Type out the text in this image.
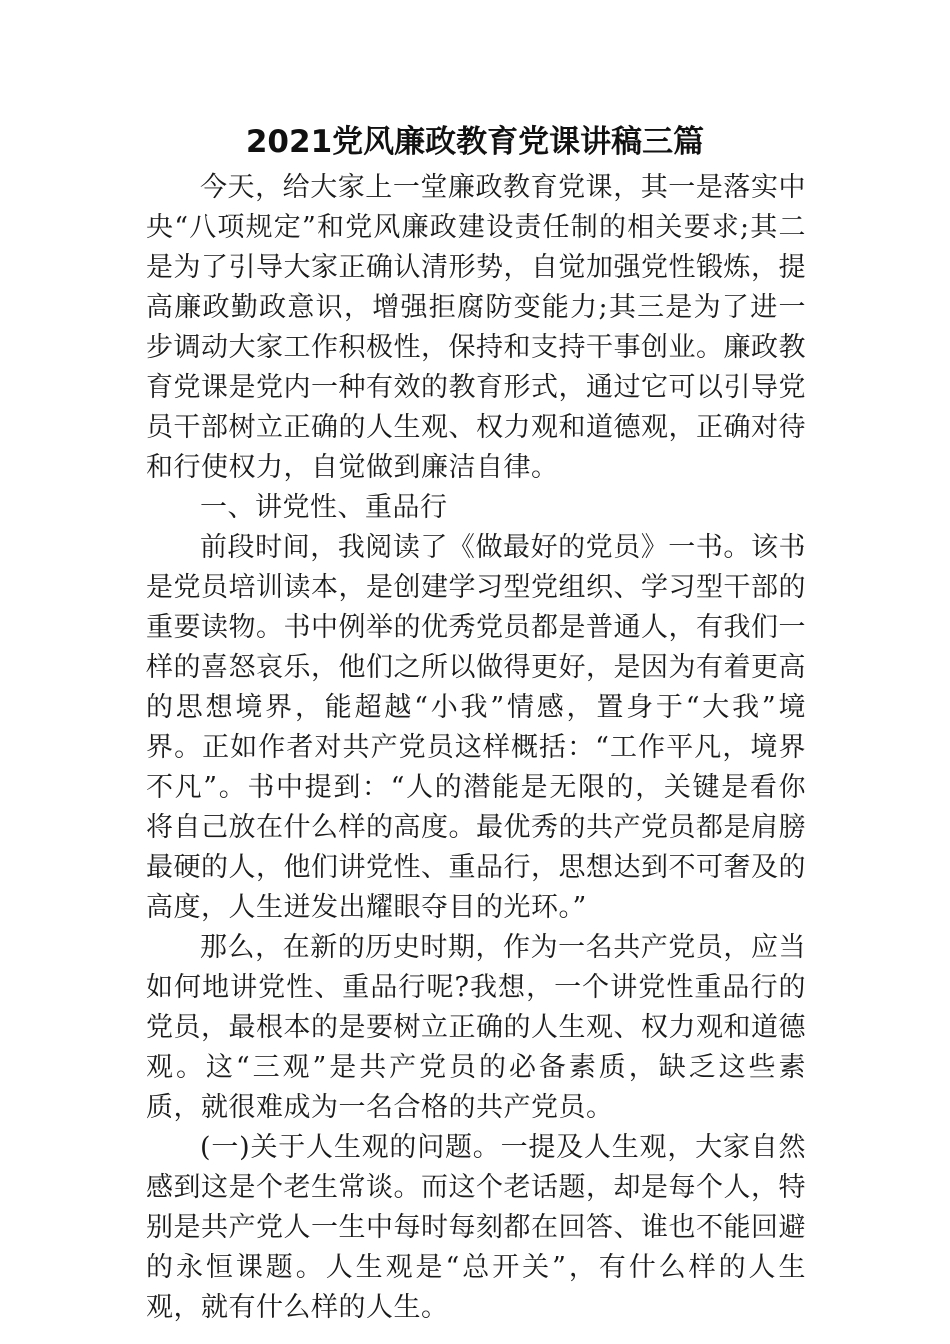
2021党风廉政教育党课讲稿三篇

今天，给大家上一堂廉政教育党课，其一是落实中央“八项规定”和党风廉政建设责任制的相关要求;其二是为了引导大家正确认清形势，自觉加强党性锻炼，提高廉政勤政意识，增强拒腐防变能力;其三是为了进一步调动大家工作积极性，保持和支持干事创业。廉政教育党课是党内一种有效的教育形式，通过它可以引导党员干部树立正确的人生观、权力观和道德观，正确对待和行使权力，自觉做到廉洁自律。

一、讲党性、重品行

前段时间，我阅读了《做最好的党员》一书。该书是党员培训读本，是创建学习型党组织、学习型干部的重要读物。书中例举的优秀党员都是普通人，有我们一样的喜怒哀乐，他们之所以做得更好，是因为有着更高的思想境界，能超越“小我”情感，置身于“大我”境界。正如作者对共产党员这样概括：“工作平凡，境界不凡”。书中提到：“人的潜能是无限的，关键是看你将自己放在什么样的高度。最优秀的共产党员都是肩膀最硬的人，他们讲党性、重品行，思想达到不可奢及的高度，人生迸发出耀眼夺目的光环。”

那么，在新的历史时期，作为一名共产党员，应当如何地讲党性、重品行呢?我想，一个讲党性重品行的党员，最根本的是要树立正确的人生观、权力观和道德观。这“三观”是共产党员的必备素质，缺乏这些素质，就很难成为一名合格的共产党员。

(一)关于人生观的问题。一提及人生观，大家自然感到这是个老生常谈。而这个老话题，却是每个人，特别是共产党人一生中每时每刻都在回答、谁也不能回避的永恒课题。人生观是“总开关”，有什么样的人生观，就有什么样的人生。
